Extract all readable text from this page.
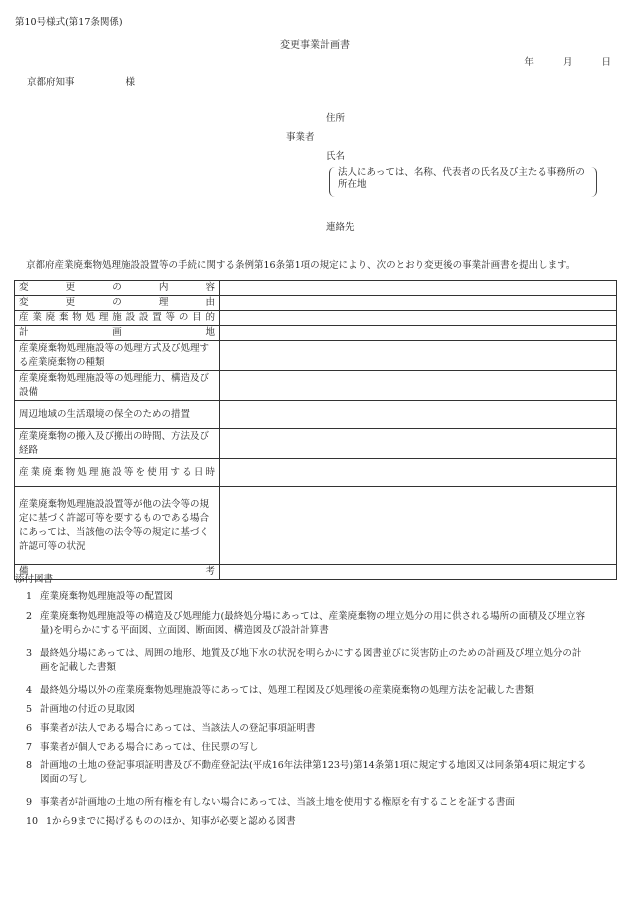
第10号様式(第17条関係)
変更事業計画書
年	月	日
京都府知事	様
住所
事業者
氏名
法人にあっては、名称、代表者の氏名及び主たる事務所の所在地
連絡先
京都府産業廃棄物処理施設設置等の手続に関する条例第16条第1項の規定により、次のとおり変更後の事業計画書を提出します。
変更の内容	
変更の理由	
産業廃棄物処理施設設置等の目的	
計画地	
産業廃棄物処理施設等の処理方式及び処理する産業廃棄物の種類	
産業廃棄物処理施設等の処理能力、構造及び設備	
周辺地域の生活環境の保全のための措置	
産業廃棄物の搬入及び搬出の時間、方法及び経路	
産業廃棄物処理施設等を使用する日時	
産業廃棄物処理施設設置等が他の法令等の規定に基づく許認可等を要するものである場合にあっては、当該他の法令等の規定に基づく許認可等の状況	
備考	
添付図書
1 産業廃棄物処理施設等の配置図
2 産業廃棄物処理施設等の構造及び処理能力(最終処分場にあっては、産業廃棄物の埋立処分の用に供される場所の面積及び埋立容
量)を明らかにする平面図、立面図、断面図、構造図及び設計計算書
3 最終処分場にあっては、周囲の地形、地質及び地下水の状況を明らかにする図書並びに災害防止のための計画及び埋立処分の計
画を記載した書類
4 最終処分場以外の産業廃棄物処理施設等にあっては、処理工程図及び処理後の産業廃棄物の処理方法を記載した書類
5 計画地の付近の見取図
6 事業者が法人である場合にあっては、当該法人の登記事項証明書
7 事業者が個人である場合にあっては、住民票の写し
8 計画地の土地の登記事項証明書及び不動産登記法(平成16年法律第123号)第14条第1項に規定する地図又は同条第4項に規定する
図面の写し
9 事業者が計画地の土地の所有権を有しない場合にあっては、当該土地を使用する権原を有することを証する書面
10 1から9までに掲げるもののほか、知事が必要と認める図書
